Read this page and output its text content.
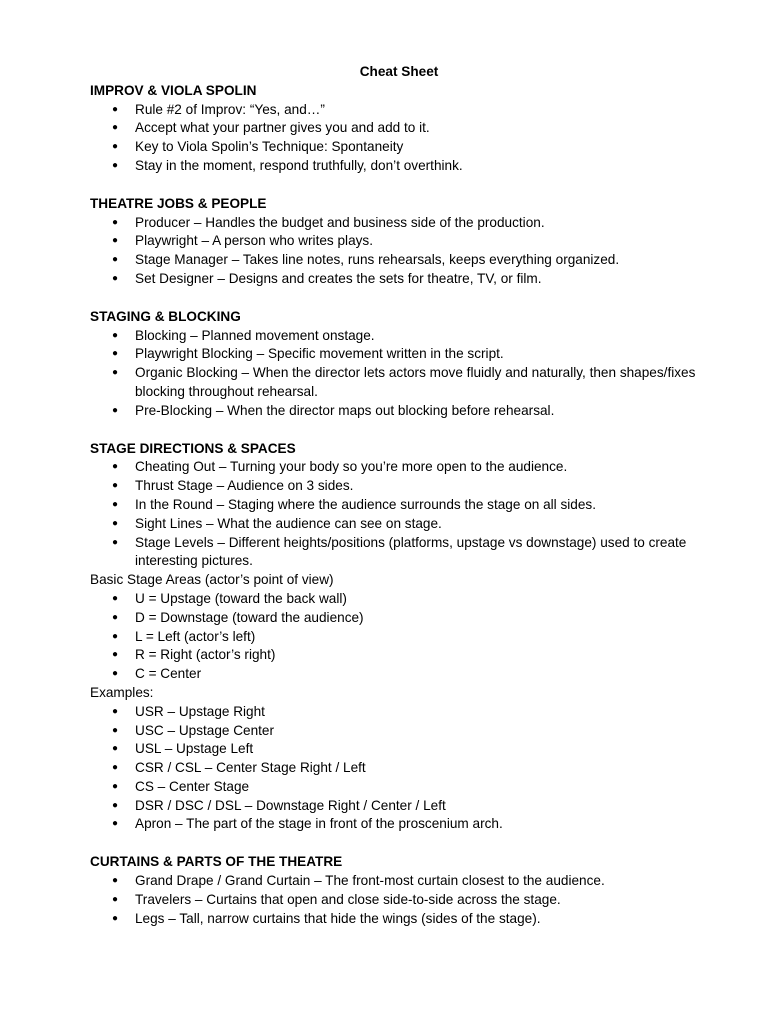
Cheat Sheet
IMPROV & VIOLA SPOLIN
● Rule #2 of Improv: “Yes, and…”
● Accept what your partner gives you and add to it.
● Key to Viola Spolin’s Technique: Spontaneity
● Stay in the moment, respond truthfully, don’t overthink.
THEATRE JOBS & PEOPLE
● Producer – Handles the budget and business side of the production.
● Playwright – A person who writes plays.
● Stage Manager – Takes line notes, runs rehearsals, keeps everything organized.
● Set Designer – Designs and creates the sets for theatre, TV, or film.
STAGING & BLOCKING
● Blocking – Planned movement onstage.
● Playwright Blocking – Specific movement written in the script.
● Organic Blocking – When the director lets actors move fluidly and naturally, then shapes/fixes blocking throughout rehearsal.
● Pre-Blocking – When the director maps out blocking before rehearsal.
STAGE DIRECTIONS & SPACES
● Cheating Out – Turning your body so you’re more open to the audience.
● Thrust Stage – Audience on 3 sides.
● In the Round – Staging where the audience surrounds the stage on all sides.
● Sight Lines – What the audience can see on stage.
● Stage Levels – Different heights/positions (platforms, upstage vs downstage) used to create interesting pictures.
Basic Stage Areas (actor’s point of view)
● U = Upstage (toward the back wall)
● D = Downstage (toward the audience)
● L = Left (actor’s left)
● R = Right (actor’s right)
● C = Center
Examples:
● USR – Upstage Right
● USC – Upstage Center
● USL – Upstage Left
● CSR / CSL – Center Stage Right / Left
● CS – Center Stage
● DSR / DSC / DSL – Downstage Right / Center / Left
● Apron – The part of the stage in front of the proscenium arch.
CURTAINS & PARTS OF THE THEATRE
● Grand Drape / Grand Curtain – The front-most curtain closest to the audience.
● Travelers – Curtains that open and close side-to-side across the stage.
● Legs – Tall, narrow curtains that hide the wings (sides of the stage).
